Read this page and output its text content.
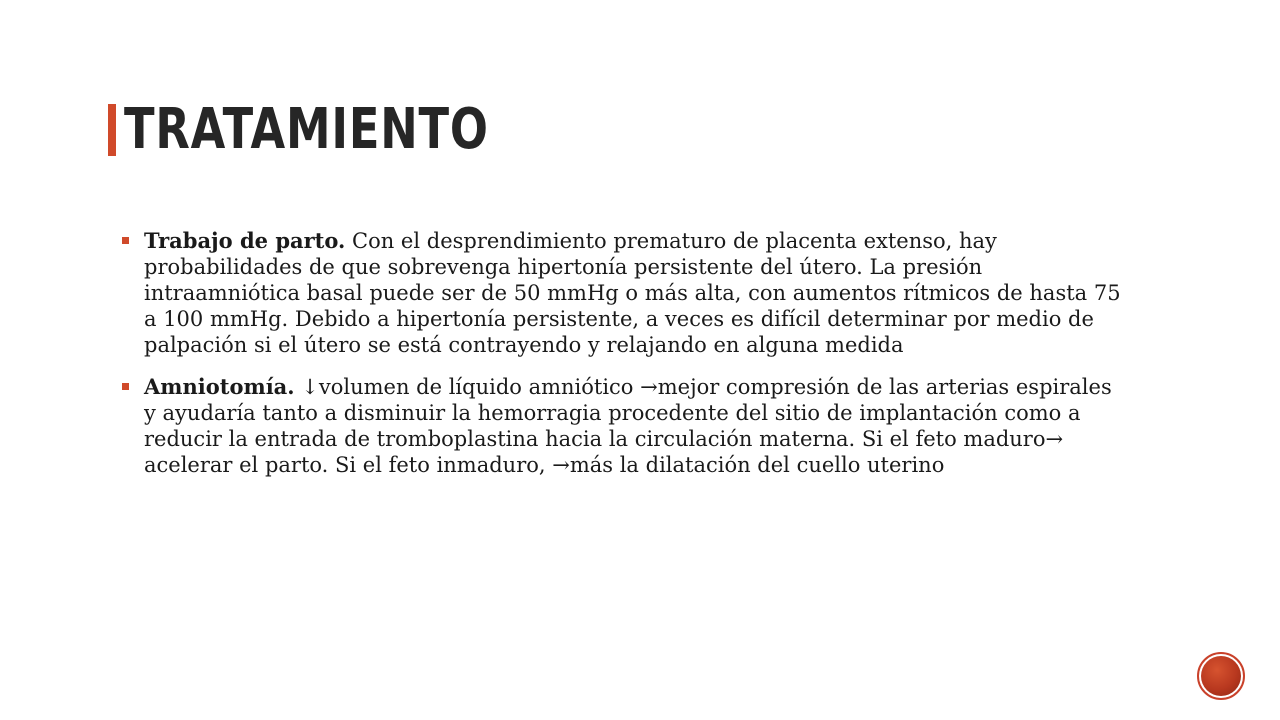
TRATAMIENTO
Trabajo de parto. Con el desprendimiento prematuro de placenta extenso, hay probabilidades de que sobrevenga hipertonía persistente del útero. La presión intraamniótica basal puede ser de 50 mmHg o más alta, con aumentos rítmicos de hasta 75 a 100 mmHg. Debido a hipertonía persistente, a veces es difícil determinar por medio de palpación si el útero se está contrayendo y relajando en alguna medida
Amniotomía. ↓volumen de líquido amniótico →mejor compresión de las arterias espirales y ayudaría tanto a disminuir la hemorragia procedente del sitio de implantación como a reducir la entrada de tromboplastina hacia la circulación materna. Si el feto maduro→ acelerar el parto. Si el feto inmaduro, →más la dilatación del cuello uterino
